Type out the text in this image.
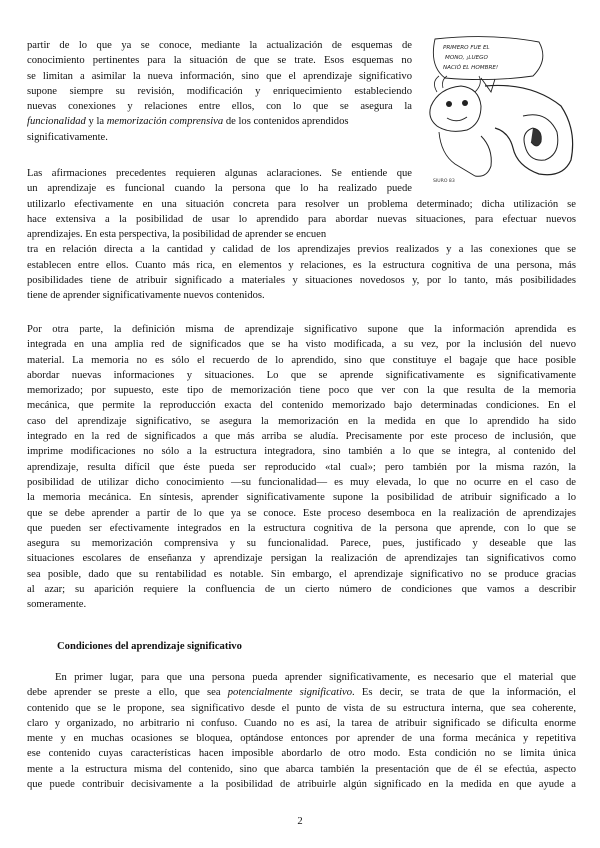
partir de lo que ya se conoce, mediante la actualización de esquemas de
conocimiento pertinentes para la situación de que se trate. Esos esquemas no
se limitan a asimilar la nueva información, sino que el aprendizaje significativo
supone siempre su revisión, modificación y enriquecimiento estableciendo
nuevas conexiones y relaciones entre ellos, con lo que se asegura la
funcionalidad y la memorización comprensiva de los contenidos aprendidos
significativamente.
PRIMERO FUE EL
MONO, ¡LUEGO
NACIÓ EL HOMBRE!
SIURO 83
Las afirmaciones precedentes requieren algunas aclaraciones. Se entiende que
un aprendizaje es funcional cuando la persona que lo ha realizado puede
utilizarlo efectivamente en una situación concreta para resolver un problema determinado; dicha utilización se
hace extensiva a la posibilidad de usar lo aprendido para abordar nuevas situaciones, para efectuar nuevos
aprendizajes. En esta perspectiva, la posibilidad de aprender se encuen
tra en relación directa a la cantidad y calidad de los aprendizajes previos realizados y a las conexiones que se
establecen entre ellos. Cuanto más rica, en elementos y relaciones, es la estructura cognitiva de una persona, más
posibilidades tiene de atribuir significado a materiales y situaciones novedosos y, por lo tanto, más posibilidades
tiene de aprender significativamente nuevos contenidos.
Por otra parte, la definición misma de aprendizaje significativo supone que la información aprendida es
integrada en una amplia red de significados que se ha visto modificada, a su vez, por la inclusión del nuevo
material. La memoria no es sólo el recuerdo de lo aprendido, sino que constituye el bagaje que hace posible
abordar nuevas informaciones y situaciones. Lo que se aprende significativamente es significativamente
memorizado; por supuesto, este tipo de memorización tiene poco que ver con la que resulta de la memoria
mecánica, que permite la reproducción exacta del contenido memorizado bajo determinadas condiciones. En el
caso del aprendizaje significativo, se asegura la memorización en la medida en que lo aprendido ha sido
integrado en la red de significados a que más arriba se aludía. Precisamente por este proceso de inclusión, que
imprime modificaciones no sólo a la estructura integradora, sino también a lo que se integra, al contenido del
aprendizaje, resulta difícil que éste pueda ser reproducido «tal cual»; pero también por la misma razón, la
posibilidad de utilizar dicho conocimiento —su funcionalidad— es muy elevada, lo que no ocurre en el caso de
la memoria mecánica. En síntesis, aprender significativamente supone la posibilidad de atribuir significado a lo
que se debe aprender a partir de lo que ya se conoce. Este proceso desemboca en la realización de aprendizajes
que pueden ser efectivamente integrados en la estructura cognitiva de la persona que aprende, con lo que se
asegura su memorización comprensiva y su funcionalidad. Parece, pues, justificado y deseable que las
situaciones escolares de enseñanza y aprendizaje persigan la realización de aprendizajes tan significativos como
sea posible, dado que su rentabilidad es notable. Sin embargo, el aprendizaje significativo no se produce gracias
al azar; su aparición requiere la confluencia de un cierto número de condiciones que vamos a describir
someramente.
Condiciones del aprendizaje significativo
En primer lugar, para que una persona pueda aprender significativamente, es necesario que el material que
debe aprender se preste a ello, que sea potencialmente significativo. Es decir, se trata de que la información, el
contenido que se le propone, sea significativo desde el punto de vista de su estructura interna, que sea coherente,
claro y organizado, no arbitrario ni confuso. Cuando no es así, la tarea de atribuir significado se dificulta enorme
mente y en muchas ocasiones se bloquea, optándose entonces por aprender de una forma mecánica y repetitiva
ese contenido cuyas características hacen imposible abordarlo de otro modo. Esta condición no se limita única
mente a la estructura misma del contenido, sino que abarca también la presentación que de él se efectúa, aspecto
que puede contribuir decisivamente a la posibilidad de atribuirle algún significado en la medida en que ayude a
2
